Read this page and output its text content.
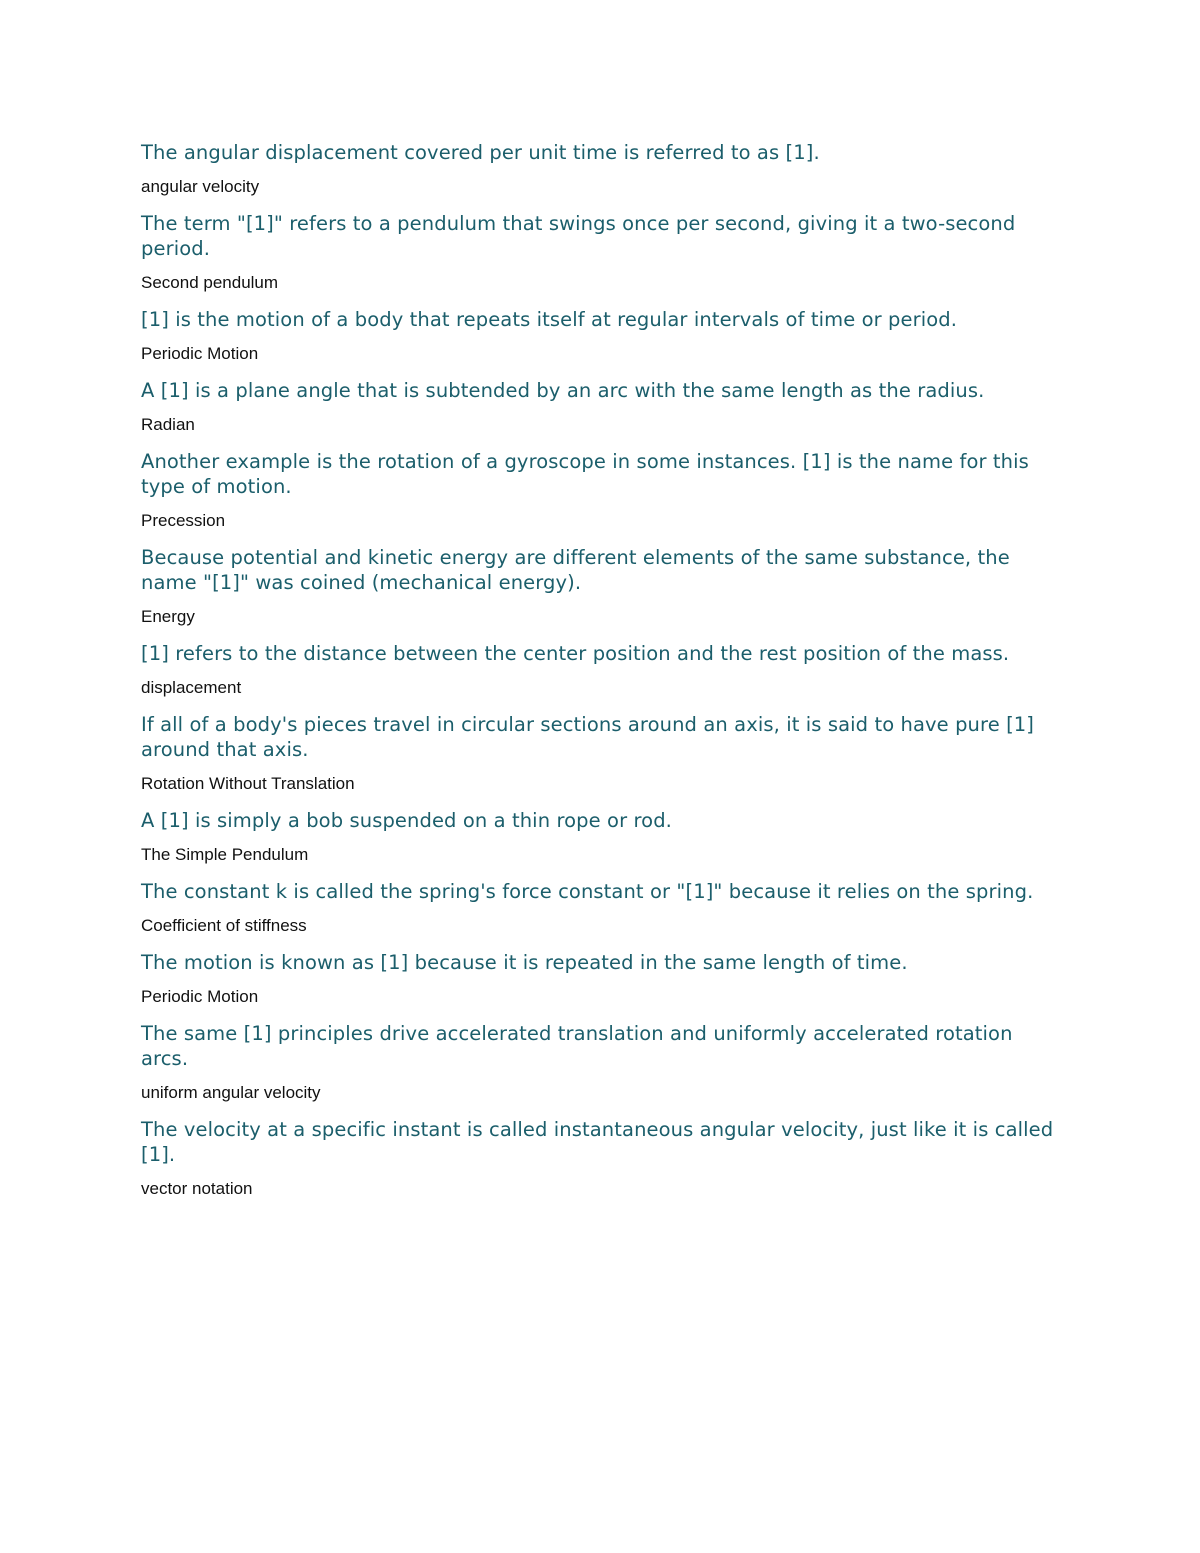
The angular displacement covered per unit time is referred to as [1].

angular velocity

The term "[1]" refers to a pendulum that swings once per second, giving it a two-second period.

Second pendulum

[1] is the motion of a body that repeats itself at regular intervals of time or period.

Periodic Motion

A [1] is a plane angle that is subtended by an arc with the same length as the radius.

Radian

Another example is the rotation of a gyroscope in some instances. [1] is the name for this type of motion.

Precession

Because potential and kinetic energy are different elements of the same substance, the name "[1]" was coined (mechanical energy).

Energy

[1] refers to the distance between the center position and the rest position of the mass.

displacement

If all of a body's pieces travel in circular sections around an axis, it is said to have pure [1] around that axis.

Rotation Without Translation

A [1] is simply a bob suspended on a thin rope or rod.

The Simple Pendulum

The constant k is called the spring's force constant or "[1]" because it relies on the spring.

Coefficient of stiffness

The motion is known as [1] because it is repeated in the same length of time.

Periodic Motion

The same [1] principles drive accelerated translation and uniformly accelerated rotation arcs.

uniform angular velocity

The velocity at a specific instant is called instantaneous angular velocity, just like it is called [1].

vector notation
